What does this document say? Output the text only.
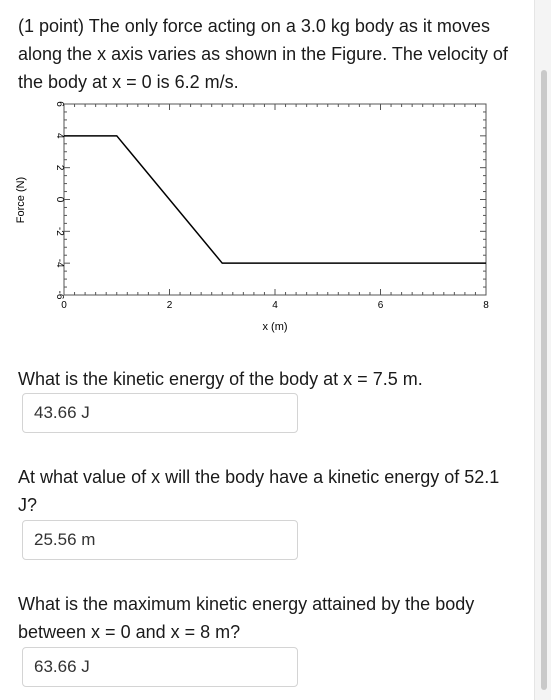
(1 point) The only force acting on a 3.0 kg body as it moves along the x axis varies as shown in the Figure. The velocity of the body at x = 0 is 6.2 m/s.
Force (N)
x (m)
6
4
2
0
-2
-4
-6
0	2	4	6	8
What is the kinetic energy of the body at x = 7.5 m.
43.66 J
At what value of x will the body have a kinetic energy of 52.1 J?
25.56 m
What is the maximum kinetic energy attained by the body between x = 0 and x = 8 m?
63.66 J
